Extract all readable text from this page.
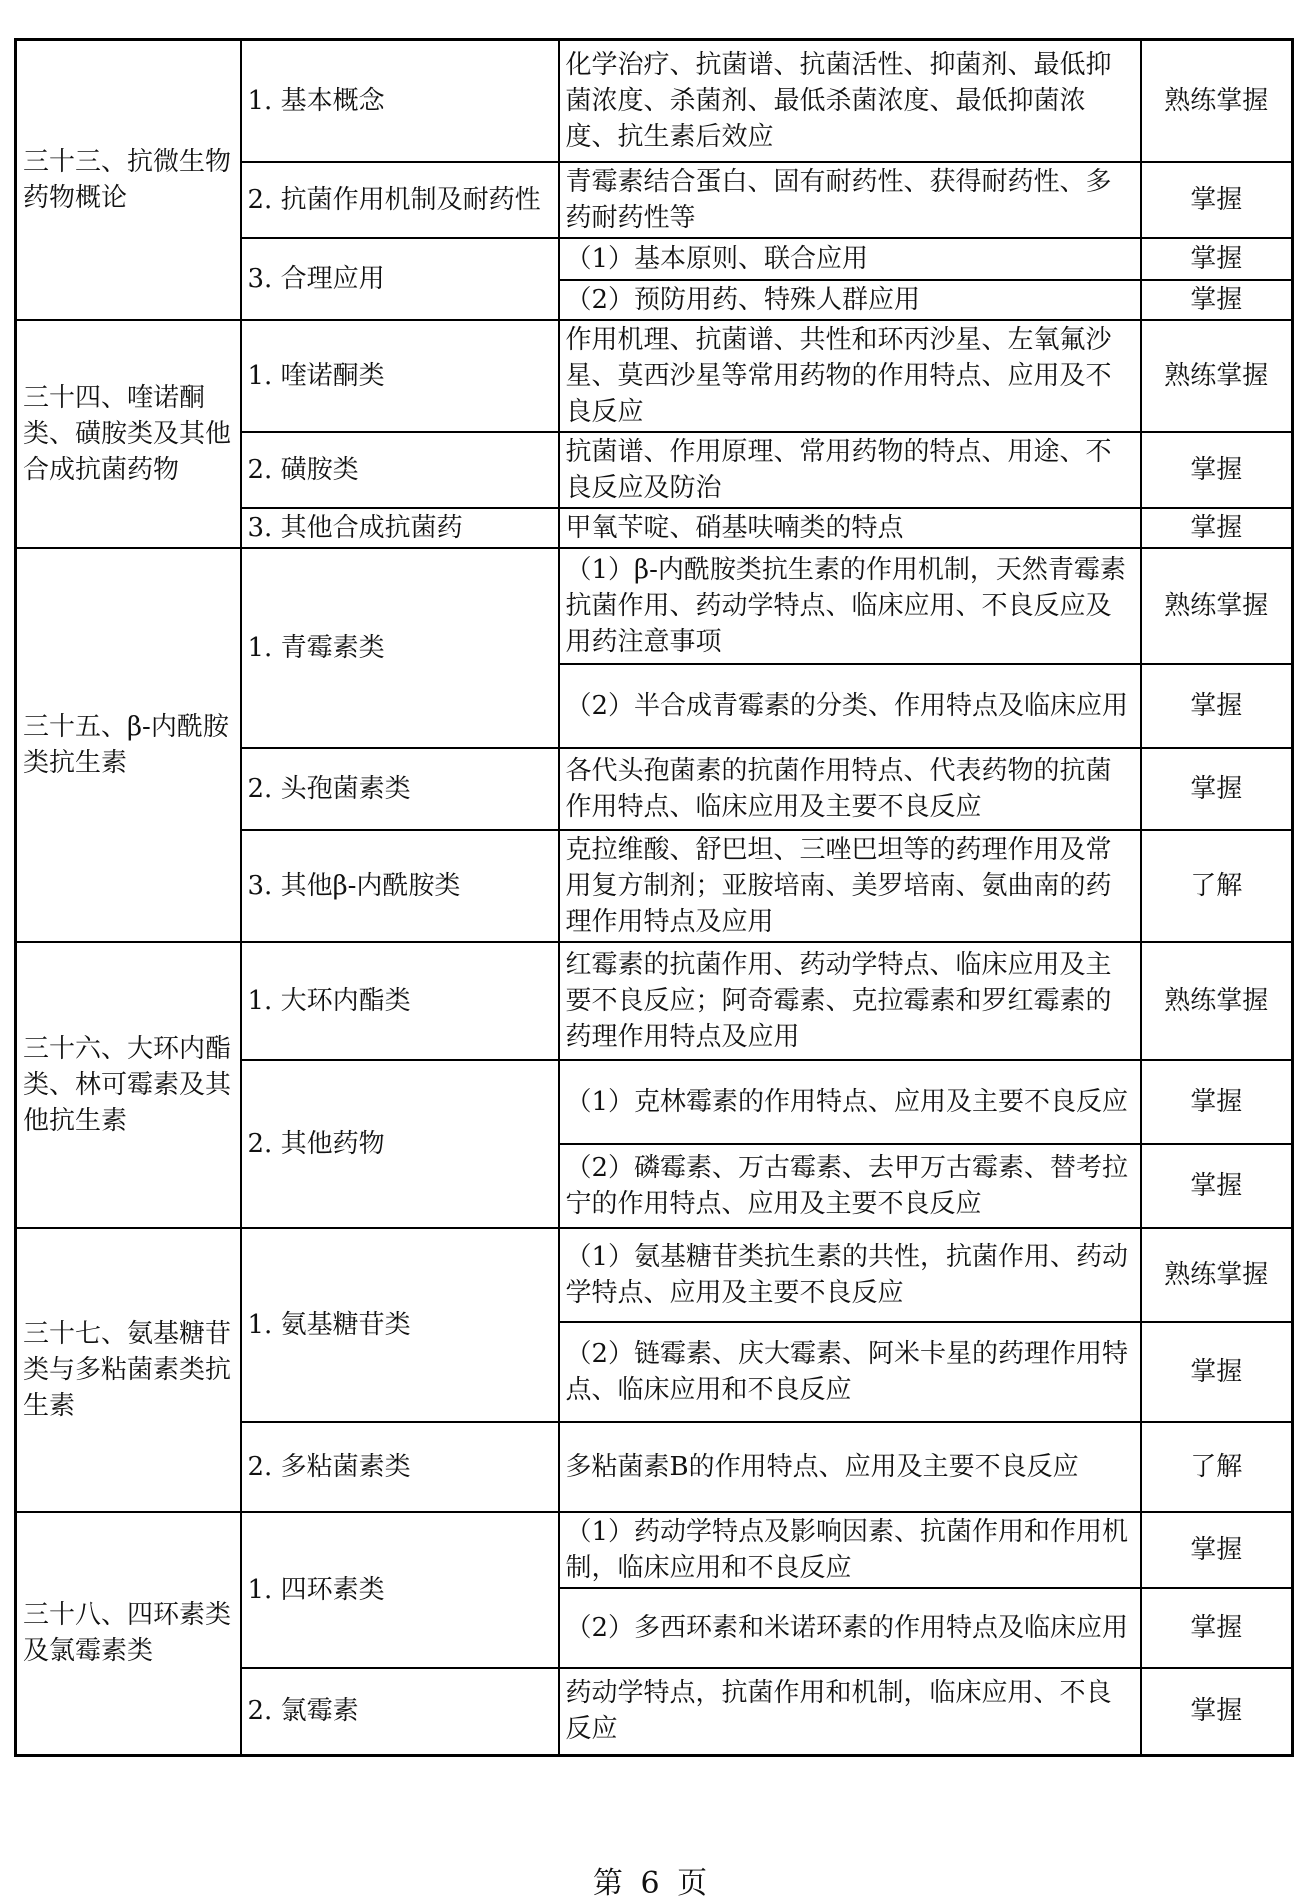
三十三、抗微生物药物概论	1. 基本概念	化学治疗、抗菌谱、抗菌活性、抑菌剂、最低抑菌浓度、杀菌剂、最低杀菌浓度、最低抑菌浓度、抗生素后效应	熟练掌握
	2. 抗菌作用机制及耐药性	青霉素结合蛋白、固有耐药性、获得耐药性、多药耐药性等	掌握
	3. 合理应用	（1）基本原则、联合应用	掌握
		（2）预防用药、特殊人群应用	掌握
三十四、喹诺酮类、磺胺类及其他合成抗菌药物	1. 喹诺酮类	作用机理、抗菌谱、共性和环丙沙星、左氧氟沙星、莫西沙星等常用药物的作用特点、应用及不良反应	熟练掌握
	2. 磺胺类	抗菌谱、作用原理、常用药物的特点、用途、不良反应及防治	掌握
	3. 其他合成抗菌药	甲氧苄啶、硝基呋喃类的特点	掌握
三十五、β-内酰胺类抗生素	1. 青霉素类	（1）β-内酰胺类抗生素的作用机制，天然青霉素抗菌作用、药动学特点、临床应用、不良反应及用药注意事项	熟练掌握
		（2）半合成青霉素的分类、作用特点及临床应用	掌握
	2. 头孢菌素类	各代头孢菌素的抗菌作用特点、代表药物的抗菌作用特点、临床应用及主要不良反应	掌握
	3. 其他β-内酰胺类	克拉维酸、舒巴坦、三唑巴坦等的药理作用及常用复方制剂；亚胺培南、美罗培南、氨曲南的药理作用特点及应用	了解
三十六、大环内酯类、林可霉素及其他抗生素	1. 大环内酯类	红霉素的抗菌作用、药动学特点、临床应用及主要不良反应；阿奇霉素、克拉霉素和罗红霉素的药理作用特点及应用	熟练掌握
	2. 其他药物	（1）克林霉素的作用特点、应用及主要不良反应	掌握
		（2）磷霉素、万古霉素、去甲万古霉素、替考拉宁的作用特点、应用及主要不良反应	掌握
三十七、氨基糖苷类与多粘菌素类抗生素	1. 氨基糖苷类	（1）氨基糖苷类抗生素的共性，抗菌作用、药动学特点、应用及主要不良反应	熟练掌握
		（2）链霉素、庆大霉素、阿米卡星的药理作用特点、临床应用和不良反应	掌握
	2. 多粘菌素类	多粘菌素B的作用特点、应用及主要不良反应	了解
三十八、四环素类及氯霉素类	1. 四环素类	（1）药动学特点及影响因素、抗菌作用和作用机制，临床应用和不良反应	掌握
		（2）多西环素和米诺环素的作用特点及临床应用	掌握
	2. 氯霉素	药动学特点，抗菌作用和机制，临床应用、不良反应	掌握
第 6 页
